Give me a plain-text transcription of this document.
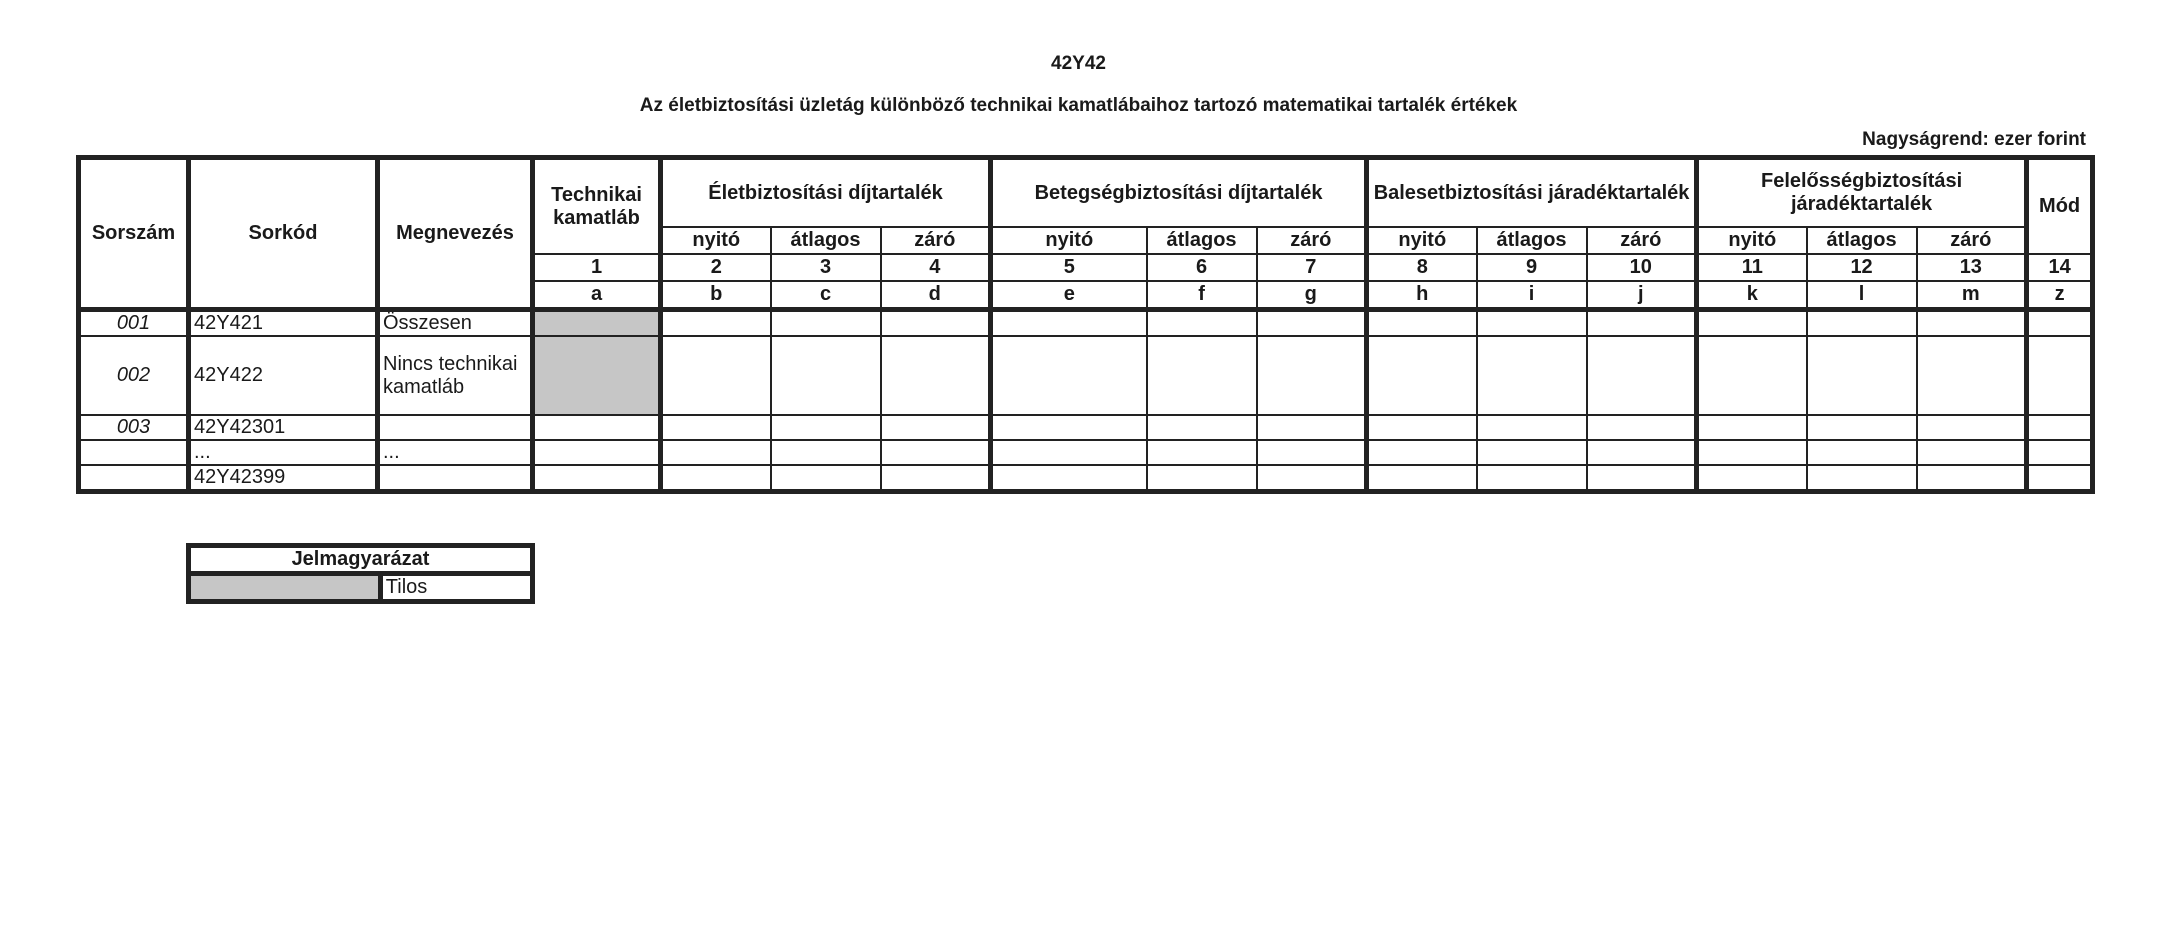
42Y42
Az életbiztosítási üzletág különböző technikai kamatlábaihoz tartozó matematikai tartalék értékek
Nagyságrend: ezer forint
Sorszám	Sorkód	Megnevezés	Technikai kamatláb	Életbiztosítási díjtartalék			Betegségbiztosítási díjtartalék			Balesetbiztosítási járadéktartalék			Felelősségbiztosítási járadéktartalék			Mód
				nyitó	átlagos	záró	nyitó	átlagos	záró	nyitó	átlagos	záró	nyitó	átlagos	záró	
			1	2	3	4	5	6	7	8	9	10	11	12	13	14
			a	b	c	d	e	f	g	h	i	j	k	l	m	z
001	42Y421	Összesen														
002	42Y422	Nincs technikai kamatláb														
003	42Y42301															
	...	...														
	42Y42399															
Jelmagyarázat
	Tilos
